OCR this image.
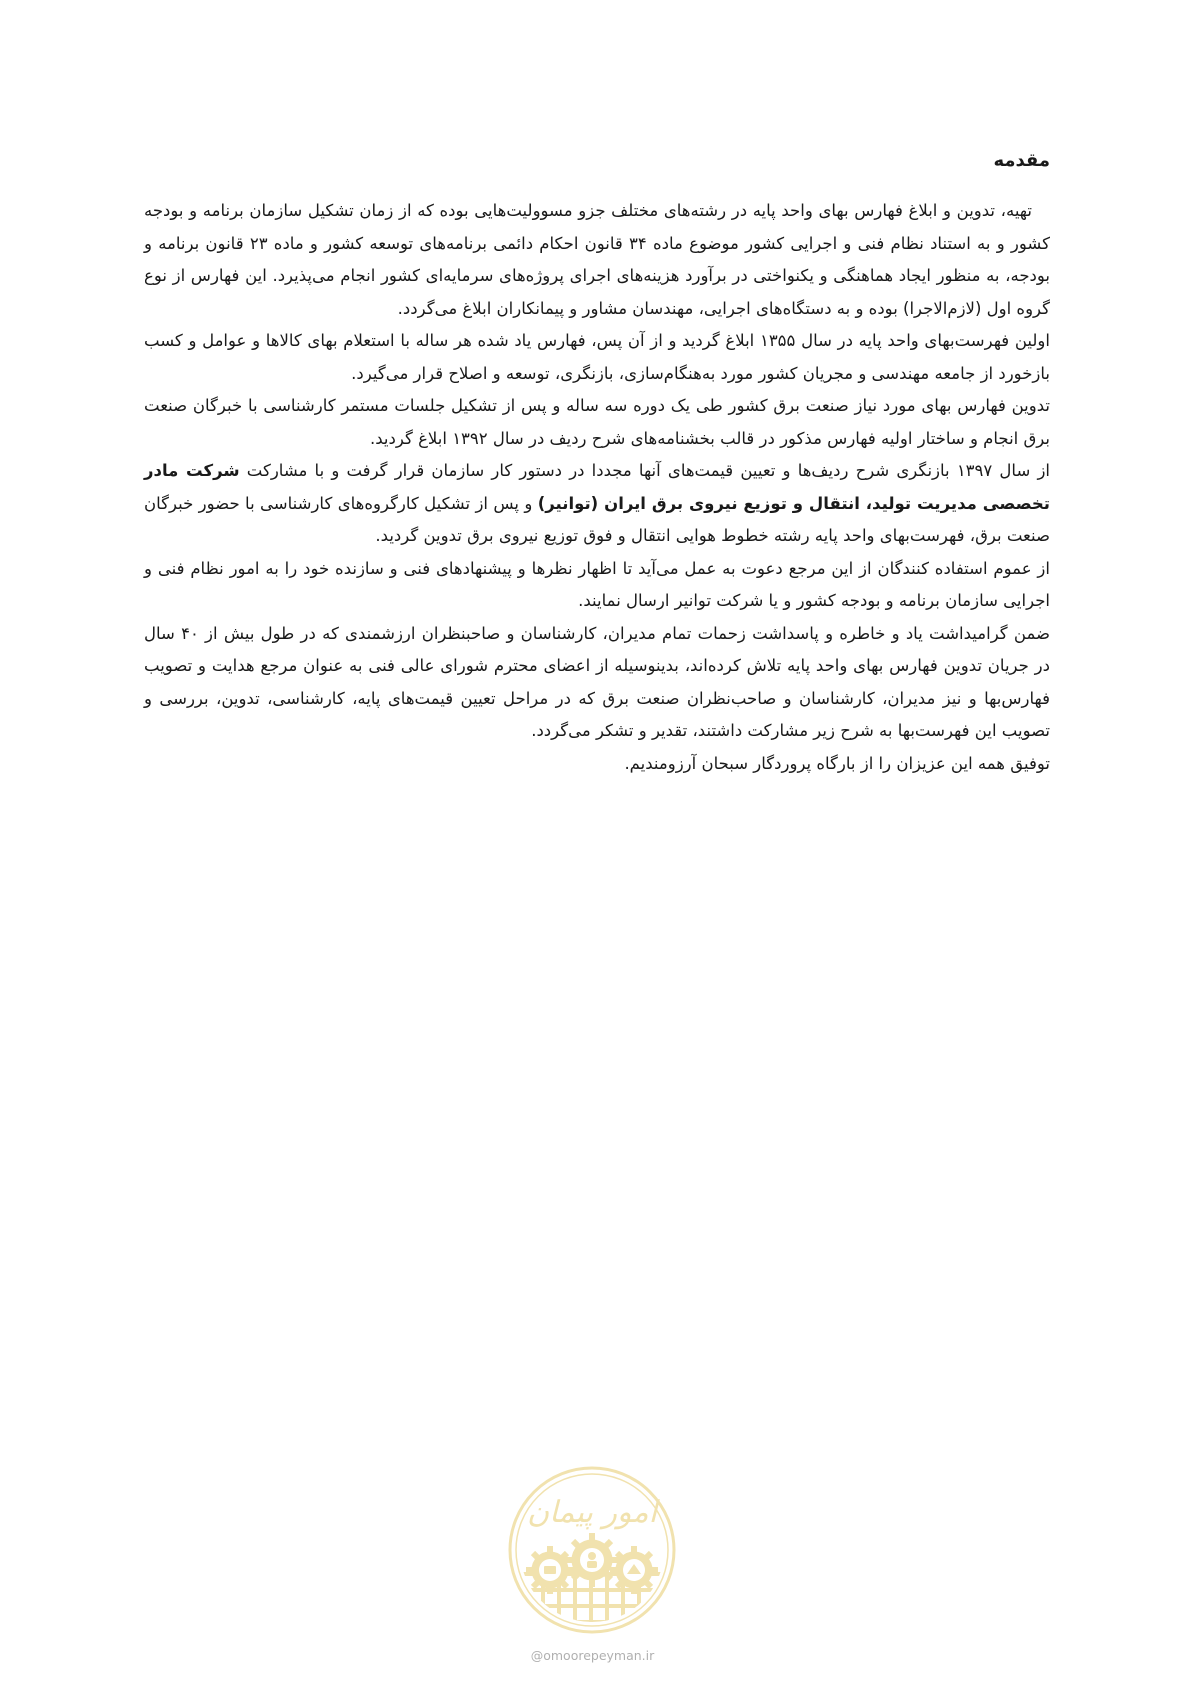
مقدمه

تهیه، تدوین و ابلاغ فهارس بهای واحد پایه در رشته‌های مختلف جزو مسوولیت‌هایی بوده که از زمان تشکیل سازمان برنامه و بودجه کشور و به استناد نظام فنی و اجرایی کشور موضوع ماده ۳۴ قانون احکام دائمی برنامه‌های توسعه کشور و ماده ۲۳ قانون برنامه و بودجه، به منظور ایجاد هماهنگی و یکنواختی در برآورد هزینه‌های اجرای پروژه‌های سرمایه‌ای کشور انجام می‌پذیرد. این فهارس از نوع گروه اول (لازم‌الاجرا) بوده و به دستگاه‌های اجرایی، مهندسان مشاور و پیمانکاران ابلاغ می‌گردد.

اولین فهرست‌بهای واحد پایه در سال ۱۳۵۵ ابلاغ گردید و از آن پس، فهارس یاد شده هر ساله با استعلام بهای کالاها و عوامل و کسب بازخورد از جامعه مهندسی و مجریان کشور مورد به‌هنگام‌سازی، بازنگری، توسعه و اصلاح قرار می‌گیرد.

تدوین فهارس بهای مورد نیاز صنعت برق کشور طی یک دوره سه ساله و پس از تشکیل جلسات مستمر کارشناسی با خبرگان صنعت برق انجام و ساختار اولیه فهارس مذکور در قالب بخشنامه‌های شرح ردیف در سال ۱۳۹۲ ابلاغ گردید.

از سال ۱۳۹۷ بازنگری شرح ردیف‌ها و تعیین قیمت‌های آنها مجددا در دستور کار سازمان قرار گرفت و با مشارکت شرکت مادر تخصصی مدیریت تولید، انتقال و توزیع نیروی برق ایران (توانیر) و پس از تشکیل کارگروه‌های کارشناسی با حضور خبرگان صنعت برق، فهرست‌بهای واحد پایه رشته خطوط هوایی انتقال و فوق توزیع نیروی برق تدوین گردید.

از عموم استفاده کنندگان از این مرجع دعوت به عمل می‌آید تا اظهار نظرها و پیشنهادهای فنی و سازنده خود را به امور نظام فنی و اجرایی سازمان برنامه و بودجه کشور و یا شرکت توانیر ارسال نمایند.

ضمن گرامیداشت یاد و خاطره و پاسداشت زحمات تمام مدیران، کارشناسان و صاحبنظران ارزشمندی که در طول بیش از ۴۰ سال در جریان تدوین فهارس بهای واحد پایه تلاش کرده‌اند، بدینوسیله از اعضای محترم شورای عالی فنی به عنوان مرجع هدایت و تصویب فهارس‌بها و نیز مدیران، کارشناسان و صاحب‌نظران صنعت برق که در مراحل تعیین قیمت‌های پایه، کارشناسی، تدوین، بررسی و تصویب این فهرست‌بها به شرح زیر مشارکت داشتند، تقدیر و تشکر می‌گردد.

توفیق همه این عزیزان را از بارگاه پروردگار سبحان آرزومندیم.

امور پیمان
@omoorepeyman.ir
